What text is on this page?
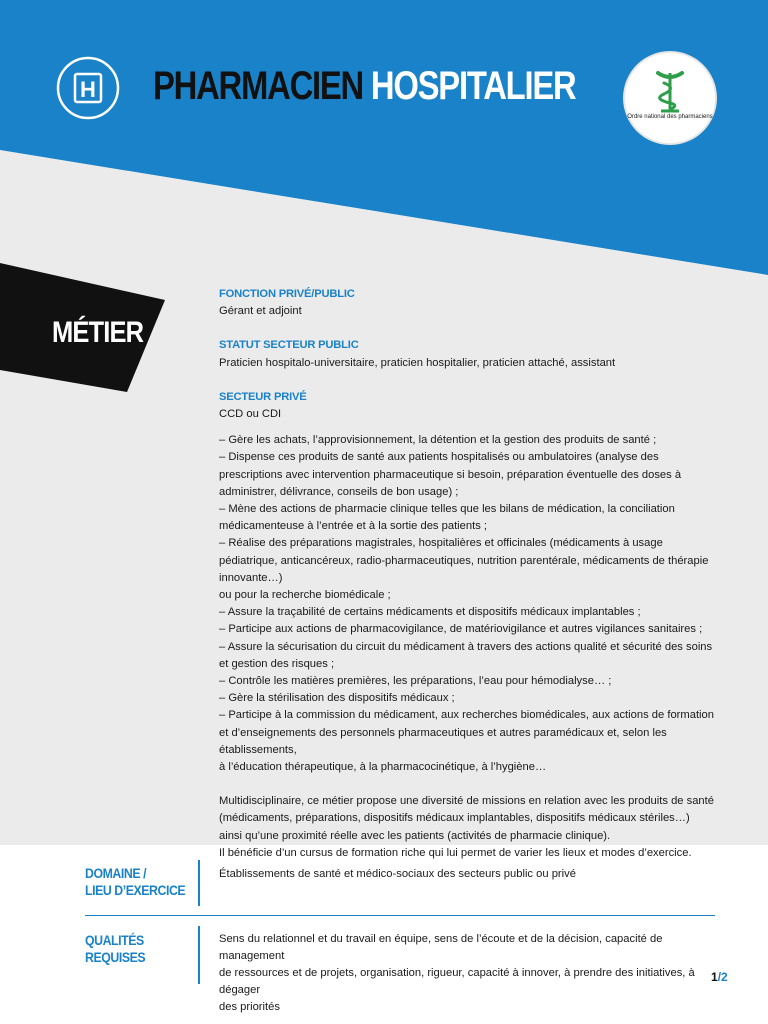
H PHARMACIEN HOSPITALIER
Ordre national des pharmaciens
MÉTIER
FONCTION PRIVÉ/PUBLIC
Gérant et adjoint
STATUT SECTEUR PUBLIC
Praticien hospitalo-universitaire, praticien hospitalier, praticien attaché, assistant
SECTEUR PRIVÉ
CCD ou CDI
– Gère les achats, l’approvisionnement, la détention et la gestion des produits de santé ;
– Dispense ces produits de santé aux patients hospitalisés ou ambulatoires (analyse des prescriptions avec intervention pharmaceutique si besoin, préparation éventuelle des doses à administrer, délivrance, conseils de bon usage) ;
– Mène des actions de pharmacie clinique telles que les bilans de médication, la conciliation médicamenteuse à l’entrée et à la sortie des patients ;
– Réalise des préparations magistrales, hospitalières et officinales (médicaments à usage pédiatrique, anticancéreux, radio-pharmaceutiques, nutrition parentérale, médicaments de thérapie innovante…)
ou pour la recherche biomédicale ;
– Assure la traçabilité de certains médicaments et dispositifs médicaux implantables ;
– Participe aux actions de pharmacovigilance, de matériovigilance et autres vigilances sanitaires ;
– Assure la sécurisation du circuit du médicament à travers des actions qualité et sécurité des soins
et gestion des risques ;
– Contrôle les matières premières, les préparations, l’eau pour hémodialyse… ;
– Gère la stérilisation des dispositifs médicaux ;
– Participe à la commission du médicament, aux recherches biomédicales, aux actions de formation et d’enseignements des personnels pharmaceutiques et autres paramédicaux et, selon les établissements,
à l’éducation thérapeutique, à la pharmacocinétique, à l’hygiène…
Multidisciplinaire, ce métier propose une diversité de missions en relation avec les produits de santé
(médicaments, préparations, dispositifs médicaux implantables, dispositifs médicaux stériles…)
ainsi qu’une proximité réelle avec les patients (activités de pharmacie clinique).
Il bénéficie d’un cursus de formation riche qui lui permet de varier les lieux et modes d’exercice.
DOMAINE /
LIEU D’EXERCICE
Établissements de santé et médico-sociaux des secteurs public ou privé
QUALITÉS
REQUISES
Sens du relationnel et du travail en équipe, sens de l’écoute et de la décision, capacité de management
de ressources et de projets, organisation, rigueur, capacité à innover, à prendre des initiatives, à dégager
des priorités
1/2
